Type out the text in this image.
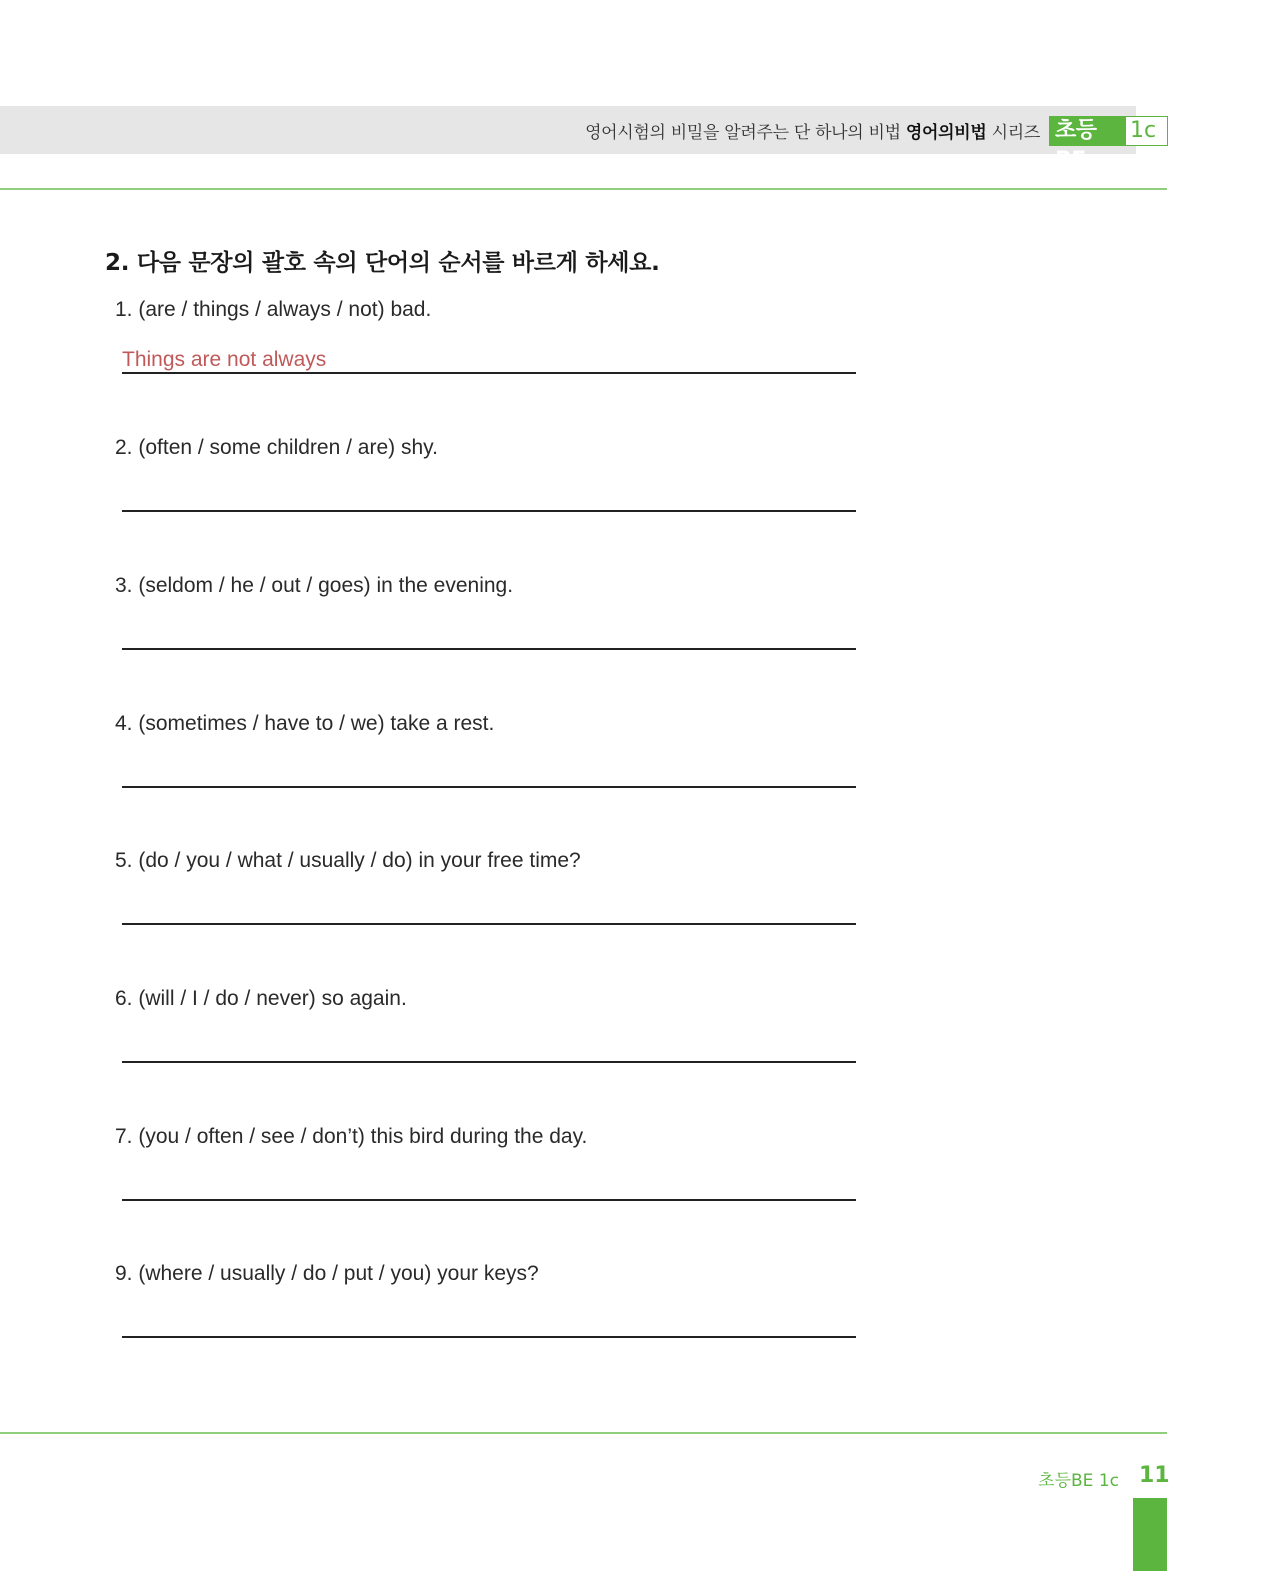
영어시험의 비밀을 알려주는 단 하나의 비법 영어의비법 시리즈 초등BE
1c
2. 다음 문장의 괄호 속의 단어의 순서를 바르게 하세요.
1. (are / things / always / not) bad.
Things are not always
2. (often / some children / are) shy.
3. (seldom / he / out / goes) in the evening.
4. (sometimes / have to / we) take a rest.
5. (do / you / what / usually / do) in your free time?
6. (will / I / do / never) so again.
7. (you / often / see / don’t) this bird during the day.
9. (where / usually / do / put / you) your keys?
초등BE 1c 11
